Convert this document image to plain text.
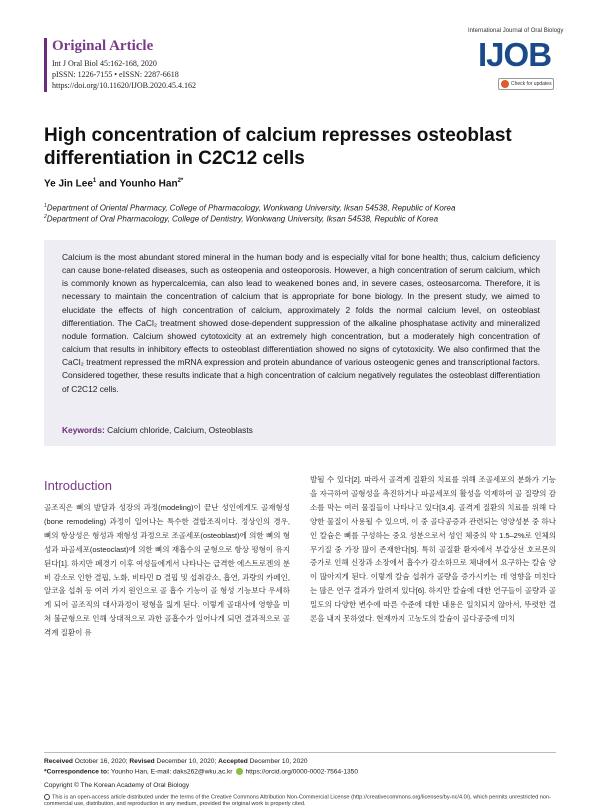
Original Article
Int J Oral Biol 45:162-168, 2020
pISSN: 1226-7155 • eISSN: 2287-6618
https://doi.org/10.11620/IJOB.2020.45.4.162
International Journal of Oral Biology
IJOB
Check for updates
High concentration of calcium represses osteoblast differentiation in C2C12 cells
Ye Jin Lee$^1$ and Younho Han$^{2*}$
$^1$Department of Oriental Pharmacy, College of Pharmacology, Wonkwang University, Iksan 54538, Republic of Korea
$^2$Department of Oral Pharmacology, College of Dentistry, Wonkwang University, Iksan 54538, Republic of Korea
Calcium is the most abundant stored mineral in the human body and is especially vital for bone health; thus, calcium deficiency can cause bone-related diseases, such as osteopenia and osteoporosis. However, a high concentration of serum calcium, which is commonly known as hypercalcemia, can also lead to weakened bones and, in severe cases, osteosarcoma. Therefore, it is necessary to maintain the concentration of calcium that is appropriate for bone biology. In the present study, we aimed to elucidate the effects of high concentration of calcium, approximately 2 folds the normal calcium level, on osteoblast differentiation. The CaCl₂ treatment showed dose-dependent suppression of the alkaline phosphatase activity and mineralized nodule formation. Calcium showed cytotoxicity at an extremely high concentration, but a moderately high concentration of calcium that results in inhibitory effects to osteoblast differentiation showed no signs of cytotoxicity. We also confirmed that the CaCl₂ treatment repressed the mRNA expression and protein abundance of various osteogenic genes and transcriptional factors. Considered together, these results indicate that a high concentration of calcium negatively regulates the osteoblast differentiation of C2C12 cells.
Keywords: Calcium chloride, Calcium, Osteoblasts
Introduction
골조직은 뼈의 발달과 성장의 과정(modeling)이 끝난 성인에게도 골재형성(bone remodeling) 과정이 일어나는 특수한 결합조직이다. 정상인의 경우, 뼈의 항상성은 형성과 재형성 과정으로 조골세포(osteoblast)에 의한 뼈의 형성과 파골세포(osteoclast)에 의한 뼈의 재흡수의 균형으로 항상 평형이 유지된다[1]. 하지만 폐경기 이후 여성들에게서 나타나는 급격한 에스트로겐의 분비 감소로 인한 결핍, 노화, 비타민 D 결핍 및 섭취감소, 흡연, 과량의 카페인, 알코올 섭취 등 여러 가지 원인으로 골 흡수 기능이 골 형성 기능보다 우세하게 되어 골조직의 대사과정이 평형을 잃게 된다. 이렇게 골대사에 영향을 미쳐 불균형으로 인해 상대적으로 과한 골흡수가 일어나게 되면 결과적으로 골격계 질환이 유
발될 수 있다[2]. 따라서 골격계 질환의 치료를 위해 조골세포의 분화가 기능을 자극하여 골형성을 촉진하거나 파골세포의 활성을 억제하여 골 질량의 감소를 막는 여러 물질들이 나타나고 있다[3,4]. 골격계 질환의 치료를 위해 다양한 물질이 사용될 수 있으며, 이 중 골다공증과 관련되는 영양성분 중 하나인 칼슘은 뼈를 구성하는 중요 성분으로서 성인 체중의 약 1.5–2%로 인체의 무기질 중 가장 많이 존재한다[5]. 특히 골질환 환자에서 부갑상선 호르몬의 증가로 인해 신장과 소장에서 흡수가 감소하므로 체내에서 요구하는 칼슘 양이 많아지게 된다. 이렇게 칼슘 섭취가 골량을 증가시키는 데 영향을 미친다는 많은 연구 결과가 알려져 있다[6]. 하지만 칼슘에 대한 연구들이 골량과 골밀도의 다양한 변수에 따른 수준에 대한 내용은 일치되지 않아서, 뚜렷한 결론을 내지 못하였다. 현재까지 고농도의 칼슘이 골다공증에 미치
Received October 16, 2020; Revised December 10, 2020; Accepted December 10, 2020
*Correspondence to: Younho Han, E-mail: daks262@wku.ac.kr https://orcid.org/0000-0002-7564-1350
Copyright © The Korean Academy of Oral Biology
This is an open-access article distributed under the terms of the Creative Commons Attribution Non-Commercial License (http://creativecommons.org/licenses/by-nc/4.0/), which permits unrestricted non-commercial use, distribution, and reproduction in any medium, provided the original work is properly cited.
